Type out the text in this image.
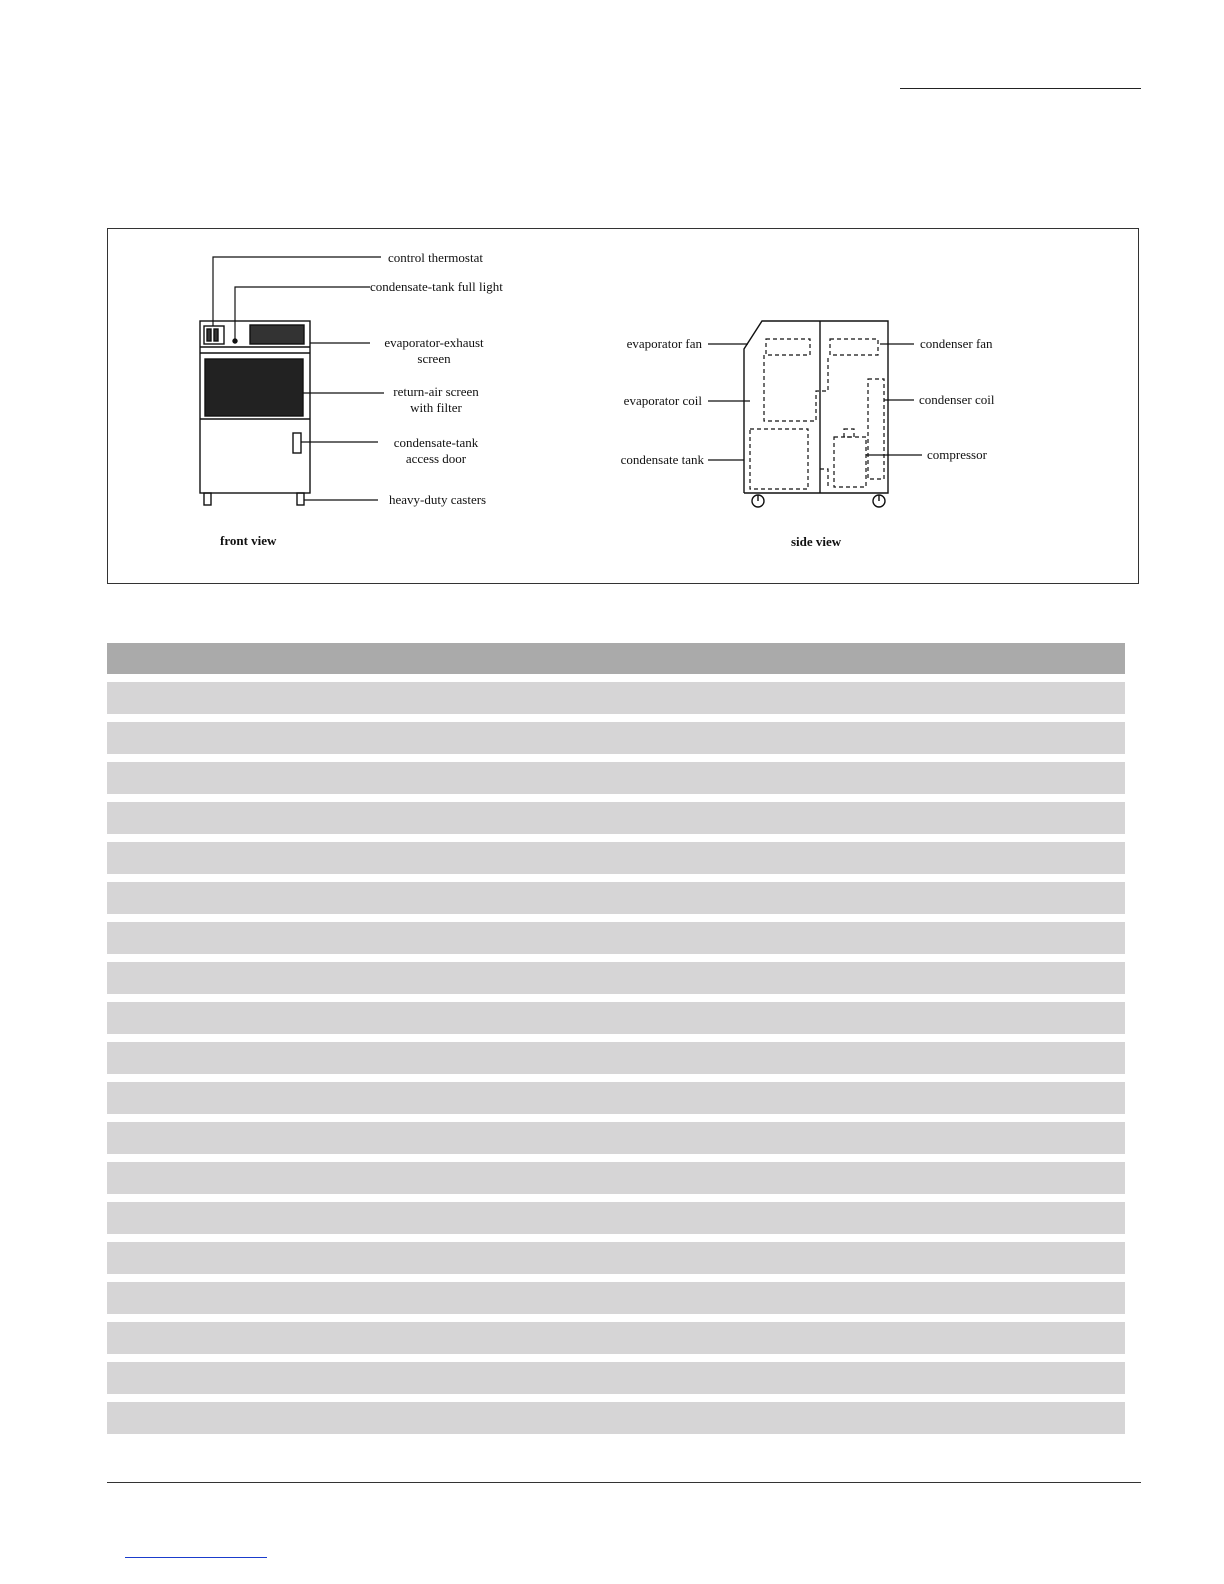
control thermostat
condensate-tank full light
evaporator-exhaust
screen
return-air screen
with filter
condensate-tank
access door
heavy-duty casters
front view
evaporator fan
evaporator coil
condensate tank
condenser fan
condenser coil
compressor
side view
